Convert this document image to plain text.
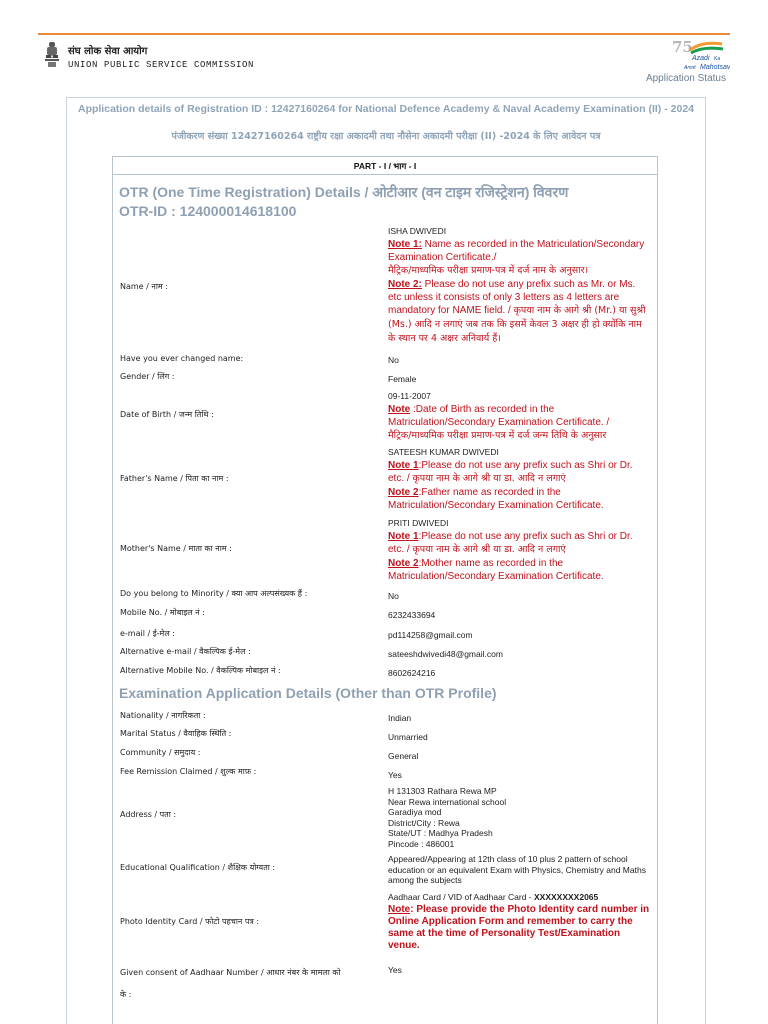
संघ लोक सेवा आयोग
UNION PUBLIC SERVICE COMMISSION
75
Azadi Ka
Amrit Mahotsav
Application Status
Application details of Registration ID : 12427160264 for National Defence Academy & Naval Academy Examination (II) - 2024
पंजीकरण संख्या 12427160264 राष्ट्रीय रक्षा अकादमी तथा नौसेना अकादमी परीक्षा (II) -2024 के लिए आवेदन पत्र
PART - I / भाग - I
OTR (One Time Registration) Details / ओटीआर (वन टाइम रजिस्ट्रेशन) विवरण
OTR-ID : 124000014618100
Name / नाम :
ISHA DWIVEDI
Note 1: Name as recorded in the Matriculation/Secondary Examination Certificate./
मैट्रिक/माध्यमिक परीक्षा प्रमाण-पत्र में दर्ज नाम के अनुसार।
Note 2: Please do not use any prefix such as Mr. or Ms. etc unless it consists of only 3 letters as 4 letters are mandatory for NAME field. / कृपया नाम के आगे श्री (Mr.) या सुश्री (Ms.) आदि न लगाएं जब तक कि इसमें केवल 3 अक्षर ही हो क्योंकि नाम के स्थान पर 4 अक्षर अनिवार्य हैं।
Have you ever changed name:	No
Gender / लिंग :	Female
Date of Birth / जन्म तिथि :
09-11-2007
Note :Date of Birth as recorded in the Matriculation/Secondary Examination Certificate. /
मैट्रिक/माध्यमिक परीक्षा प्रमाण-पत्र में दर्ज जन्म तिथि के अनुसार
Father's Name / पिता का नाम :
SATEESH KUMAR DWIVEDI
Note 1:Please do not use any prefix such as Shri or Dr. etc. / कृपया नाम के आगे श्री या डा. आदि न लगाएं
Note 2:Father name as recorded in the Matriculation/Secondary Examination Certificate.
Mother's Name / माता का नाम :
PRITI DWIVEDI
Note 1:Please do not use any prefix such as Shri or Dr. etc. / कृपया नाम के आगे श्री या डा. आदि न लगाएं
Note 2:Mother name as recorded in the Matriculation/Secondary Examination Certificate.
Do you belong to Minority / क्या आप अल्पसंख्यक हैं :	No
Mobile No. / मोबाइल नं :	6232433694
e-mail / ई-मेल :	pd114258@gmail.com
Alternative e-mail / वैकल्पिक ई-मेल :	sateeshdwivedi48@gmail.com
Alternative Mobile No. / वैकल्पिक मोबाइल नं :	8602624216
Examination Application Details (Other than OTR Profile)
Nationality / नागरिकता :	Indian
Marital Status / वैवाहिक स्थिति :	Unmarried
Community / समुदाय :	General
Fee Remission Claimed / शुल्क माफ़ :	Yes
Address / पता :
H 131303 Rathara Rewa MP
Near Rewa international school
Garadiya mod
District/City : Rewa
State/UT : Madhya Pradesh
Pincode : 486001
Educational Qualification / शैक्षिक योग्यता :
Appeared/Appearing at 12th class of 10 plus 2 pattern of school education or an equivalent Exam with Physics, Chemistry and Maths among the subjects
Photo Identity Card / फोटो पहचान पत्र :
Aadhaar Card / VID of Aadhaar Card - XXXXXXXX2065
Note: Please provide the Photo Identity card number in Online Application Form and remember to carry the same at the time of Personality Test/Examination venue.
Given consent of Aadhaar Number / आधार नंबर के मामला को
के :
Yes
